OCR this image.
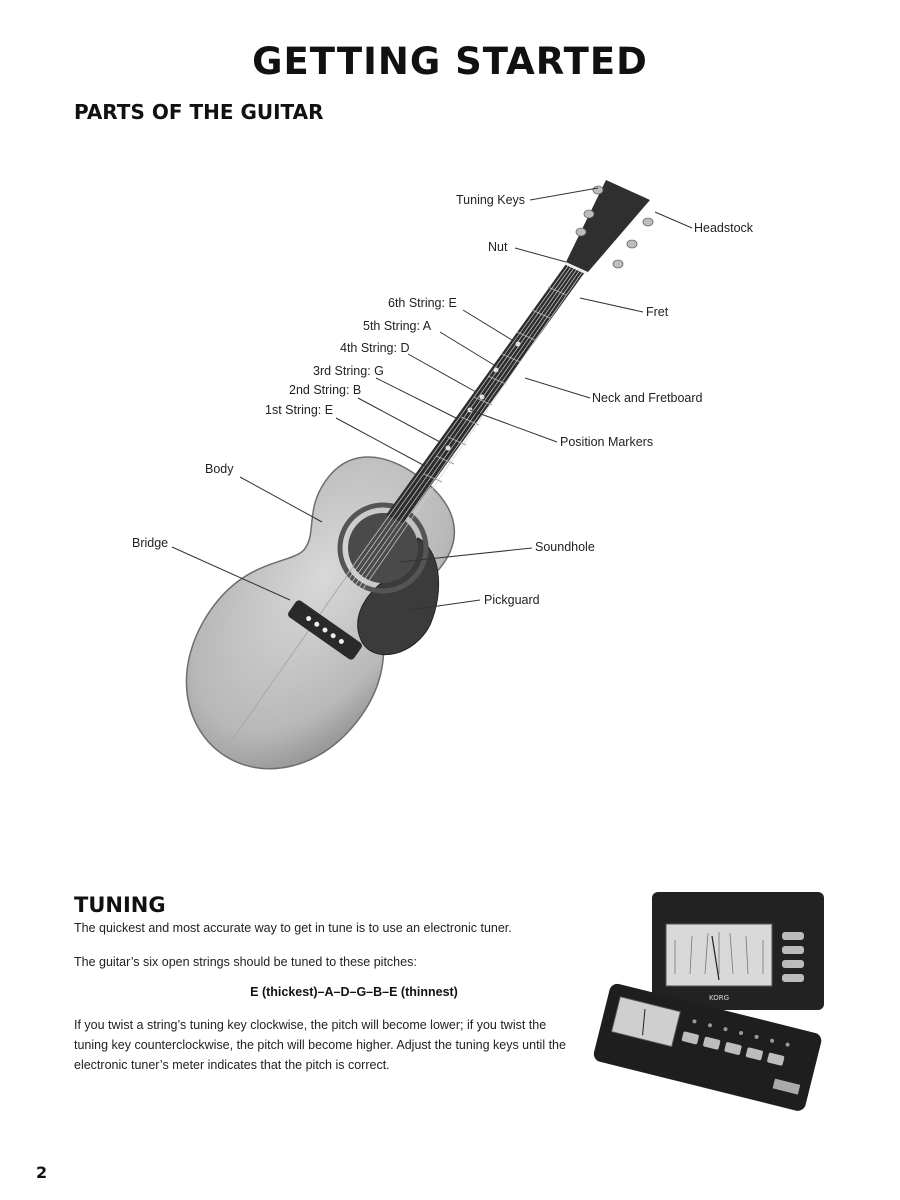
GETTING STARTED
PARTS OF THE GUITAR
Tuning Keys
Headstock
Nut
Fret
6th String: E
5th String: A
4th String: D
3rd String: G
2nd String: B
1st String: E
Neck and Fretboard
Position Markers
Body
Bridge	Soundhole
Pickguard
TUNING
The quickest and most accurate way to get in tune is to use an electronic tuner.
The guitar’s six open strings should be tuned to these pitches:
E (thickest)–A–D–G–B–E (thinnest)
If you twist a string’s tuning key clockwise, the pitch will become lower; if you twist the tuning key counterclockwise, the pitch will become higher. Adjust the tuning keys until the electronic tuner’s meter indicates that the pitch is correct.
KORG
2
